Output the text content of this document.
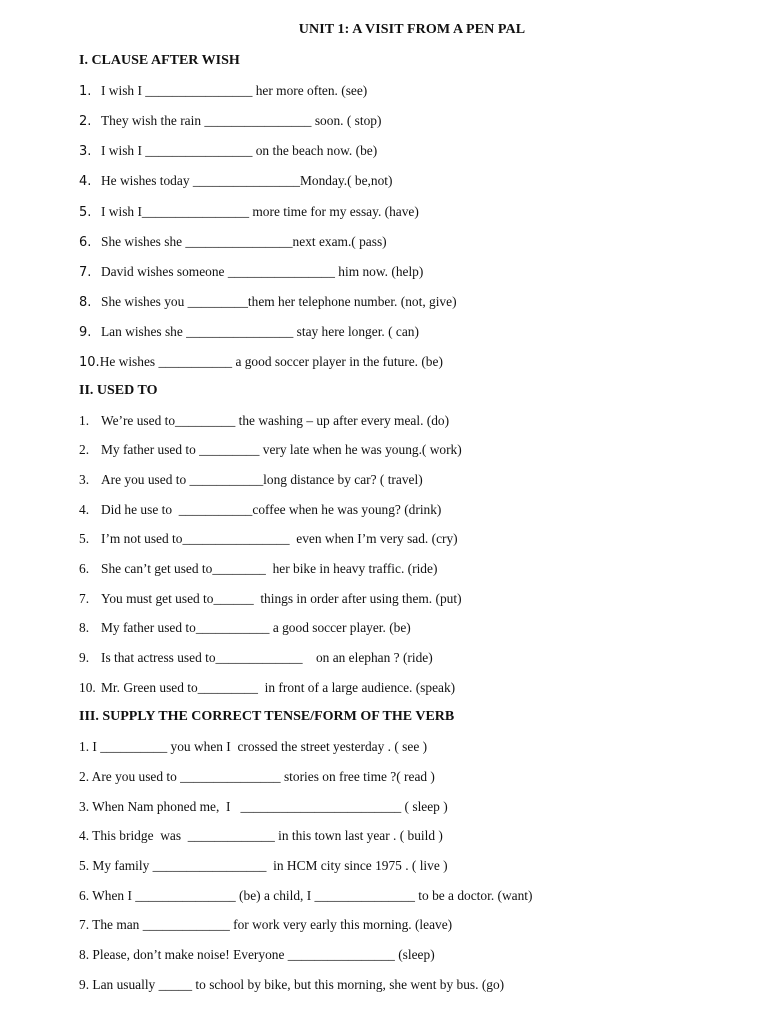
UNIT 1: A VISIT FROM A PEN PAL
I. CLAUSE AFTER WISH
1. I wish I ________________ her more often. (see)
2. They wish the rain ________________ soon. ( stop)
3. I wish I ________________ on the beach now. (be)
4. He wishes today ________________Monday.( be,not)
5. I wish I________________ more time for my essay. (have)
6. She wishes she ________________next exam.( pass)
7. David wishes someone ________________ him now. (help)
8. She wishes you _________them her telephone number. (not, give)
9. Lan wishes she ________________ stay here longer. ( can)
10.He wishes ___________ a good soccer player in the future. (be)
II. USED TO
1. We’re used to_________ the washing – up after every meal. (do)
2. My father used to _________ very late when he was young.( work)
3. Are you used to ___________long distance by car? ( travel)
4. Did he use to  ___________coffee when he was young? (drink)
5. I’m not used to________________  even when I’m very sad. (cry)
6. She can’t get used to________  her bike in heavy traffic. (ride)
7. You must get used to______  things in order after using them. (put)
8. My father used to___________ a good soccer player. (be)
9. Is that actress used to_____________    on an elephan ? (ride)
10. Mr. Green used to_________  in front of a large audience. (speak)
III. SUPPLY THE CORRECT TENSE/FORM OF THE VERB
1. I __________ you when I  crossed the street yesterday . ( see )
2. Are you used to _______________ stories on free time ?( read )
3. When Nam phoned me,  I   ________________________ ( sleep )
4. This bridge  was  _____________ in this town last year . ( build )
5. My family _________________  in HCM city since 1975 . ( live )
6. When I _______________ (be) a child, I _______________ to be a doctor. (want)
7. The man _____________ for work very early this morning. (leave)
8. Please, don’t make noise! Everyone ________________ (sleep)
9. Lan usually _____ to school by bike, but this morning, she went by bus. (go)
